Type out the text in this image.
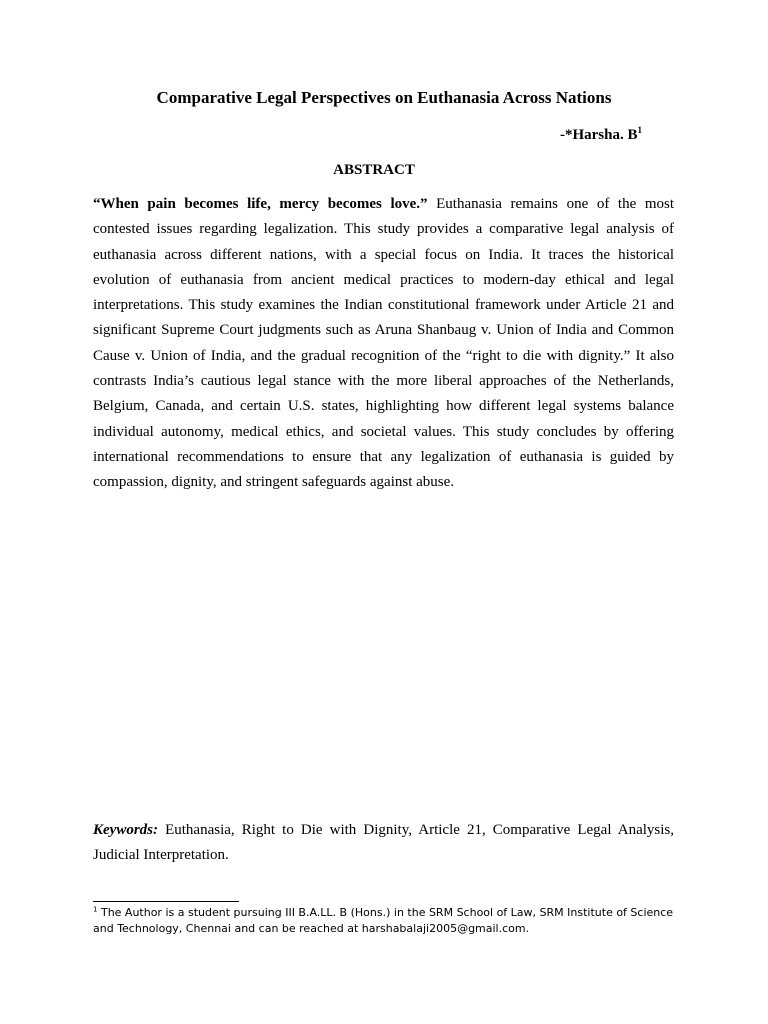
Comparative Legal Perspectives on Euthanasia Across Nations
-*Harsha. $B^1$
ABSTRACT
“When pain becomes life, mercy becomes love.” Euthanasia remains one of the most contested issues regarding legalization. This study provides a comparative legal analysis of euthanasia across different nations, with a special focus on India. It traces the historical evolution of euthanasia from ancient medical practices to modern-day ethical and legal interpretations. This study examines the Indian constitutional framework under Article 21 and significant Supreme Court judgments such as Aruna Shanbaug v. Union of India and Common Cause v. Union of India, and the gradual recognition of the “right to die with dignity.” It also contrasts India’s cautious legal stance with the more liberal approaches of the Netherlands, Belgium, Canada, and certain U.S. states, highlighting how different legal systems balance individual autonomy, medical ethics, and societal values. This study concludes by offering international recommendations to ensure that any legalization of euthanasia is guided by compassion, dignity, and stringent safeguards against abuse.
Keywords: Euthanasia, Right to Die with Dignity, Article 21, Comparative Legal Analysis, Judicial Interpretation.
$^1$ The Author is a student pursuing III B.A.LL. B (Hons.) in the SRM School of Law, SRM Institute of Science and Technology, Chennai and can be reached at harshabalaji2005@gmail.com.
